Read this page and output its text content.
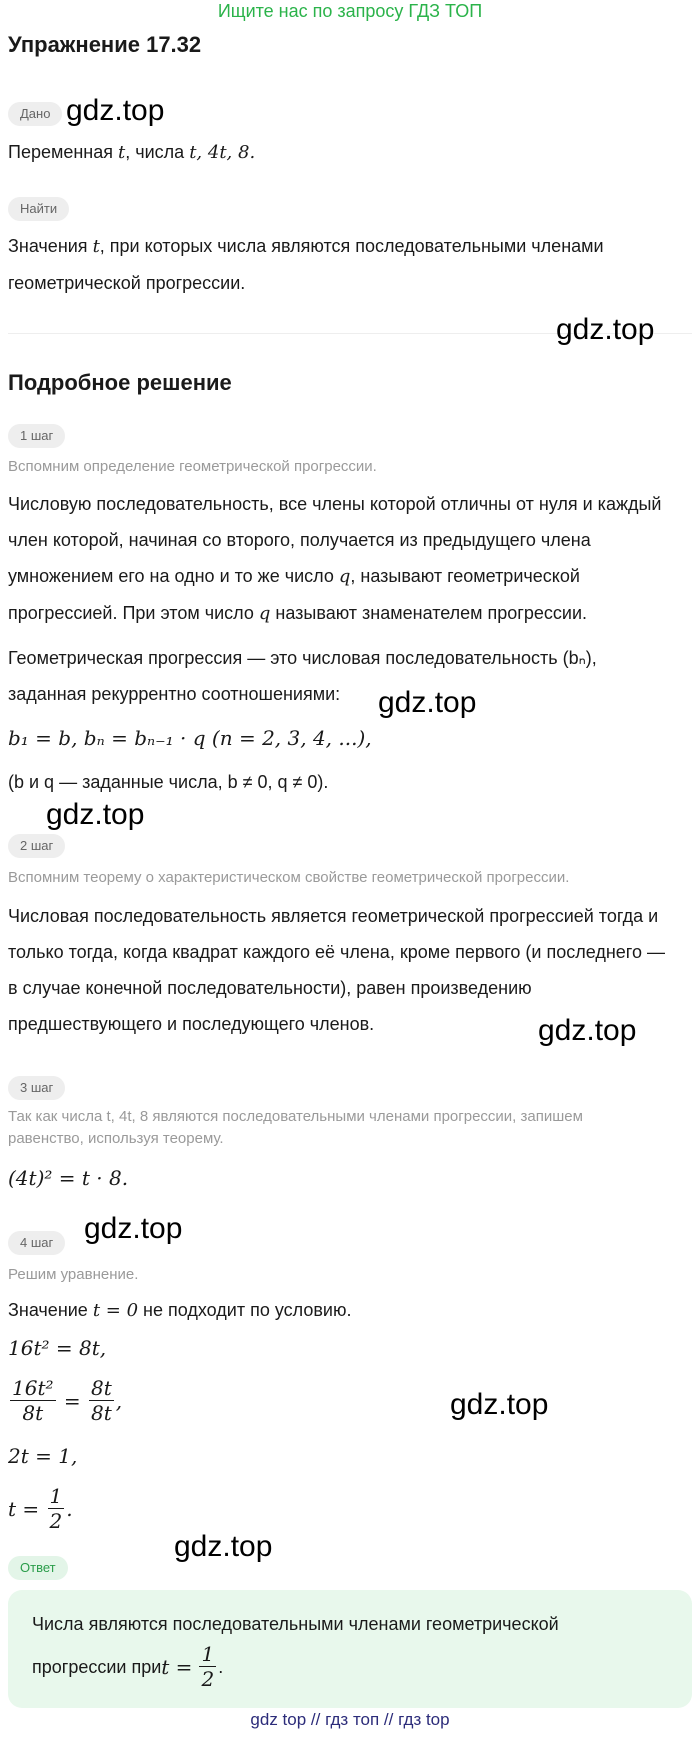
Ищите нас по запросу ГДЗ ТОП
Упражнение 17.32
Дано gdz.top
Переменная t, числа t, 4t, 8.
Найти
Значения t, при которых числа являются последовательными членами
геометрической прогрессии.
gdz.top
Подробное решение
1 шаг
Вспомним определение геометрической прогрессии.
Числовую последовательность, все члены которой отличны от нуля и каждый
член которой, начиная со второго, получается из предыдущего члена
умножением его на одно и то же число q, называют геометрической
прогрессией. При этом число q называют знаменателем прогрессии.
Геометрическая прогрессия — это числовая последовательность (bₙ),
заданная рекуррентно соотношениями:	gdz.top
b₁ = b, bₙ = bₙ₋₁ · q (n = 2, 3, 4, ...),
(b и q — заданные числа, b ≠ 0, q ≠ 0).
gdz.top
2 шаг
Вспомним теорему о характеристическом свойстве геометрической прогрессии.
Числовая последовательность является геометрической прогрессией тогда и
только тогда, когда квадрат каждого её члена, кроме первого (и последнего —
в случае конечной последовательности), равен произведению
предшествующего и последующего членов.	gdz.top
3 шаг
Так как числа t, 4t, 8 являются последовательными членами прогрессии, запишем
равенство, используя теорему.
(4t)² = t · 8.
4 шаг	gdz.top
Решим уравнение.
Значение t = 0 не подходит по условию.
16t² = 8t,
$\frac{\text{16t²}}{8t} = \frac{8t}{8t}$ ,	gdz.top
2t = 1,
t =
$\frac{1}{2}$ .
gdz.top
Ответ
Числа являются последовательными членами геометрической
прогрессии при t =
$\frac{1}{2}$ .
gdz top // гдз топ // гдз top
